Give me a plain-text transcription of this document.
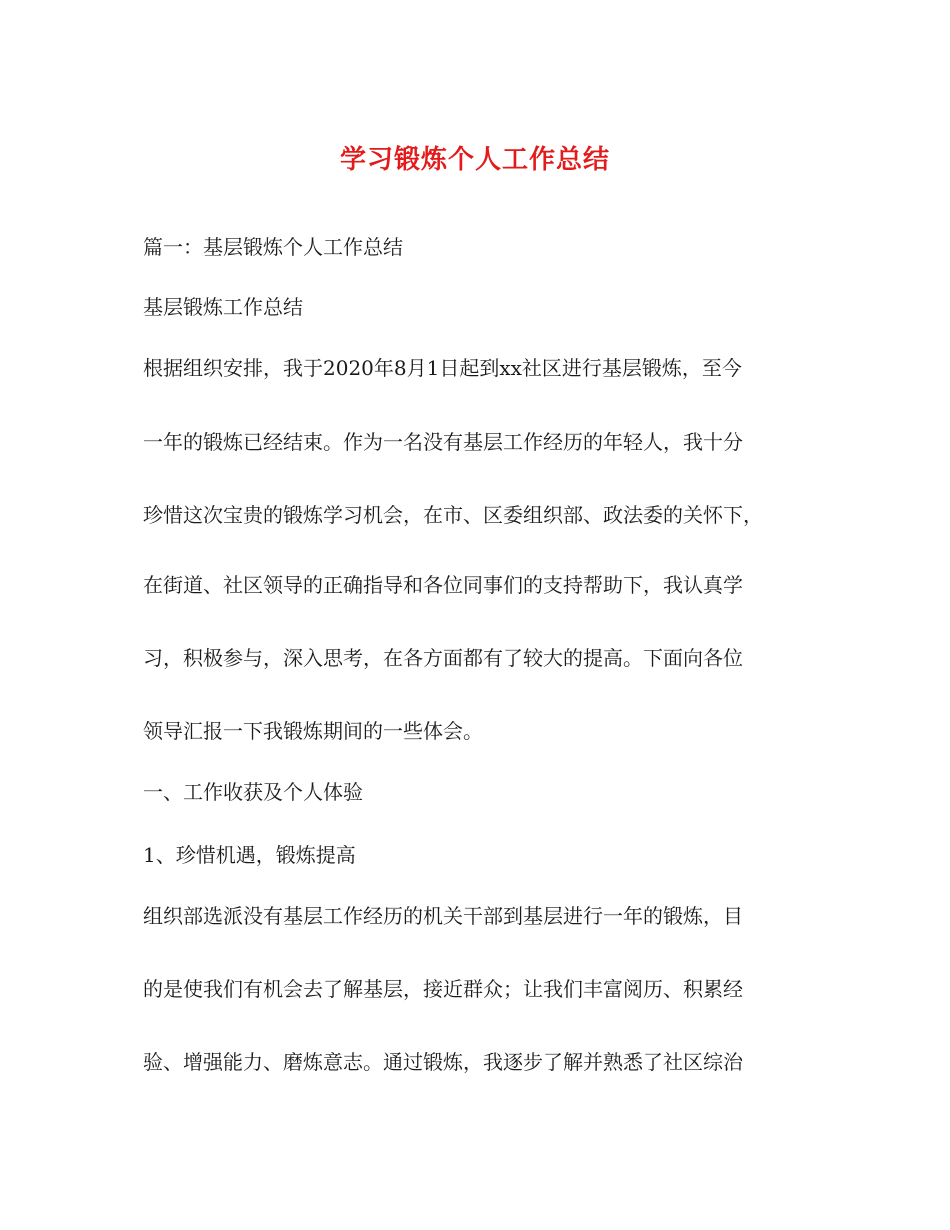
学习锻炼个人工作总结
篇一：基层锻炼个人工作总结
基层锻炼工作总结
根据组织安排，我于2020年8月1日起到xx社区进行基层锻炼，至今
一年的锻炼已经结束。作为一名没有基层工作经历的年轻人，我十分
珍惜这次宝贵的锻炼学习机会，在市、区委组织部、政法委的关怀下，
在街道、社区领导的正确指导和各位同事们的支持帮助下，我认真学
习，积极参与，深入思考，在各方面都有了较大的提高。下面向各位
领导汇报一下我锻炼期间的一些体会。
一、工作收获及个人体验
1、珍惜机遇，锻炼提高
组织部选派没有基层工作经历的机关干部到基层进行一年的锻炼，目
的是使我们有机会去了解基层，接近群众；让我们丰富阅历、积累经
验、增强能力、磨炼意志。通过锻炼，我逐步了解并熟悉了社区综治
